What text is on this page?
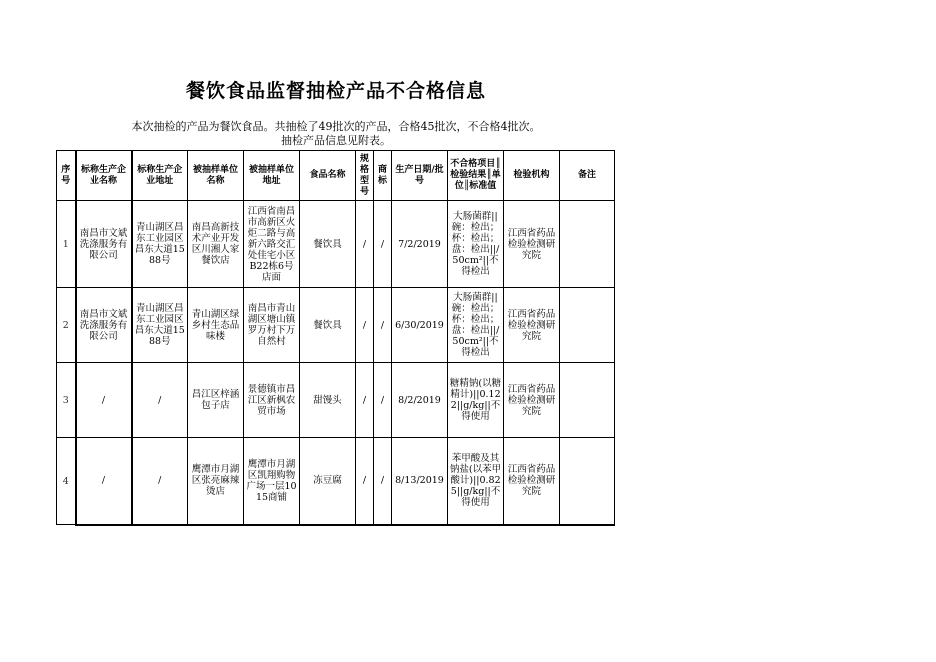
餐饮食品监督抽检产品不合格信息
本次抽检的产品为餐饮食品。共抽检了49批次的产品，合格45批次，不合格4批次。
抽检产品信息见附表。
序号	标称生产企业名称	标称生产企业地址	被抽样单位名称	被抽样单位地址	食品名称	规格型号	商标	生产日期/批号	不合格项目║检验结果║单位║标准值	检验机构	备注
1	南昌市文斌洗涤服务有限公司	青山湖区昌东工业园区昌东大道1588号	南昌高新技术产业开发区川湘人家餐饮店	江西省南昌市高新区火炬二路与高新六路交汇处佳宅小区B22栋6号店面	餐饮具	/	/	7/2/2019	大肠菌群||碗：检出；杯：检出；盘：检出||/50cm²||不得检出	江西省药品检验检测研究院	
2	南昌市文斌洗涤服务有限公司	青山湖区昌东工业园区昌东大道1588号	青山湖区绿乡村生态品味楼	南昌市青山湖区塘山镇罗万村下万自然村	餐饮具	/	/	6/30/2019	大肠菌群||碗：检出；杯：检出；盘：检出||/50cm²||不得检出	江西省药品检验检测研究院	
3	/	/	昌江区梓涵包子店	景德镇市昌江区新枫农贸市场	甜馒头	/	/	8/2/2019	糖精钠(以糖精计)||0.122||g/kg||不得使用	江西省药品检验检测研究院	
4	/	/	鹰潭市月湖区张亮麻辣烫店	鹰潭市月湖区凯翔购物广场一层1015商铺	冻豆腐	/	/	8/13/2019	苯甲酸及其钠盐(以苯甲酸计)||0.825||g/kg||不得使用	江西省药品检验检测研究院	
